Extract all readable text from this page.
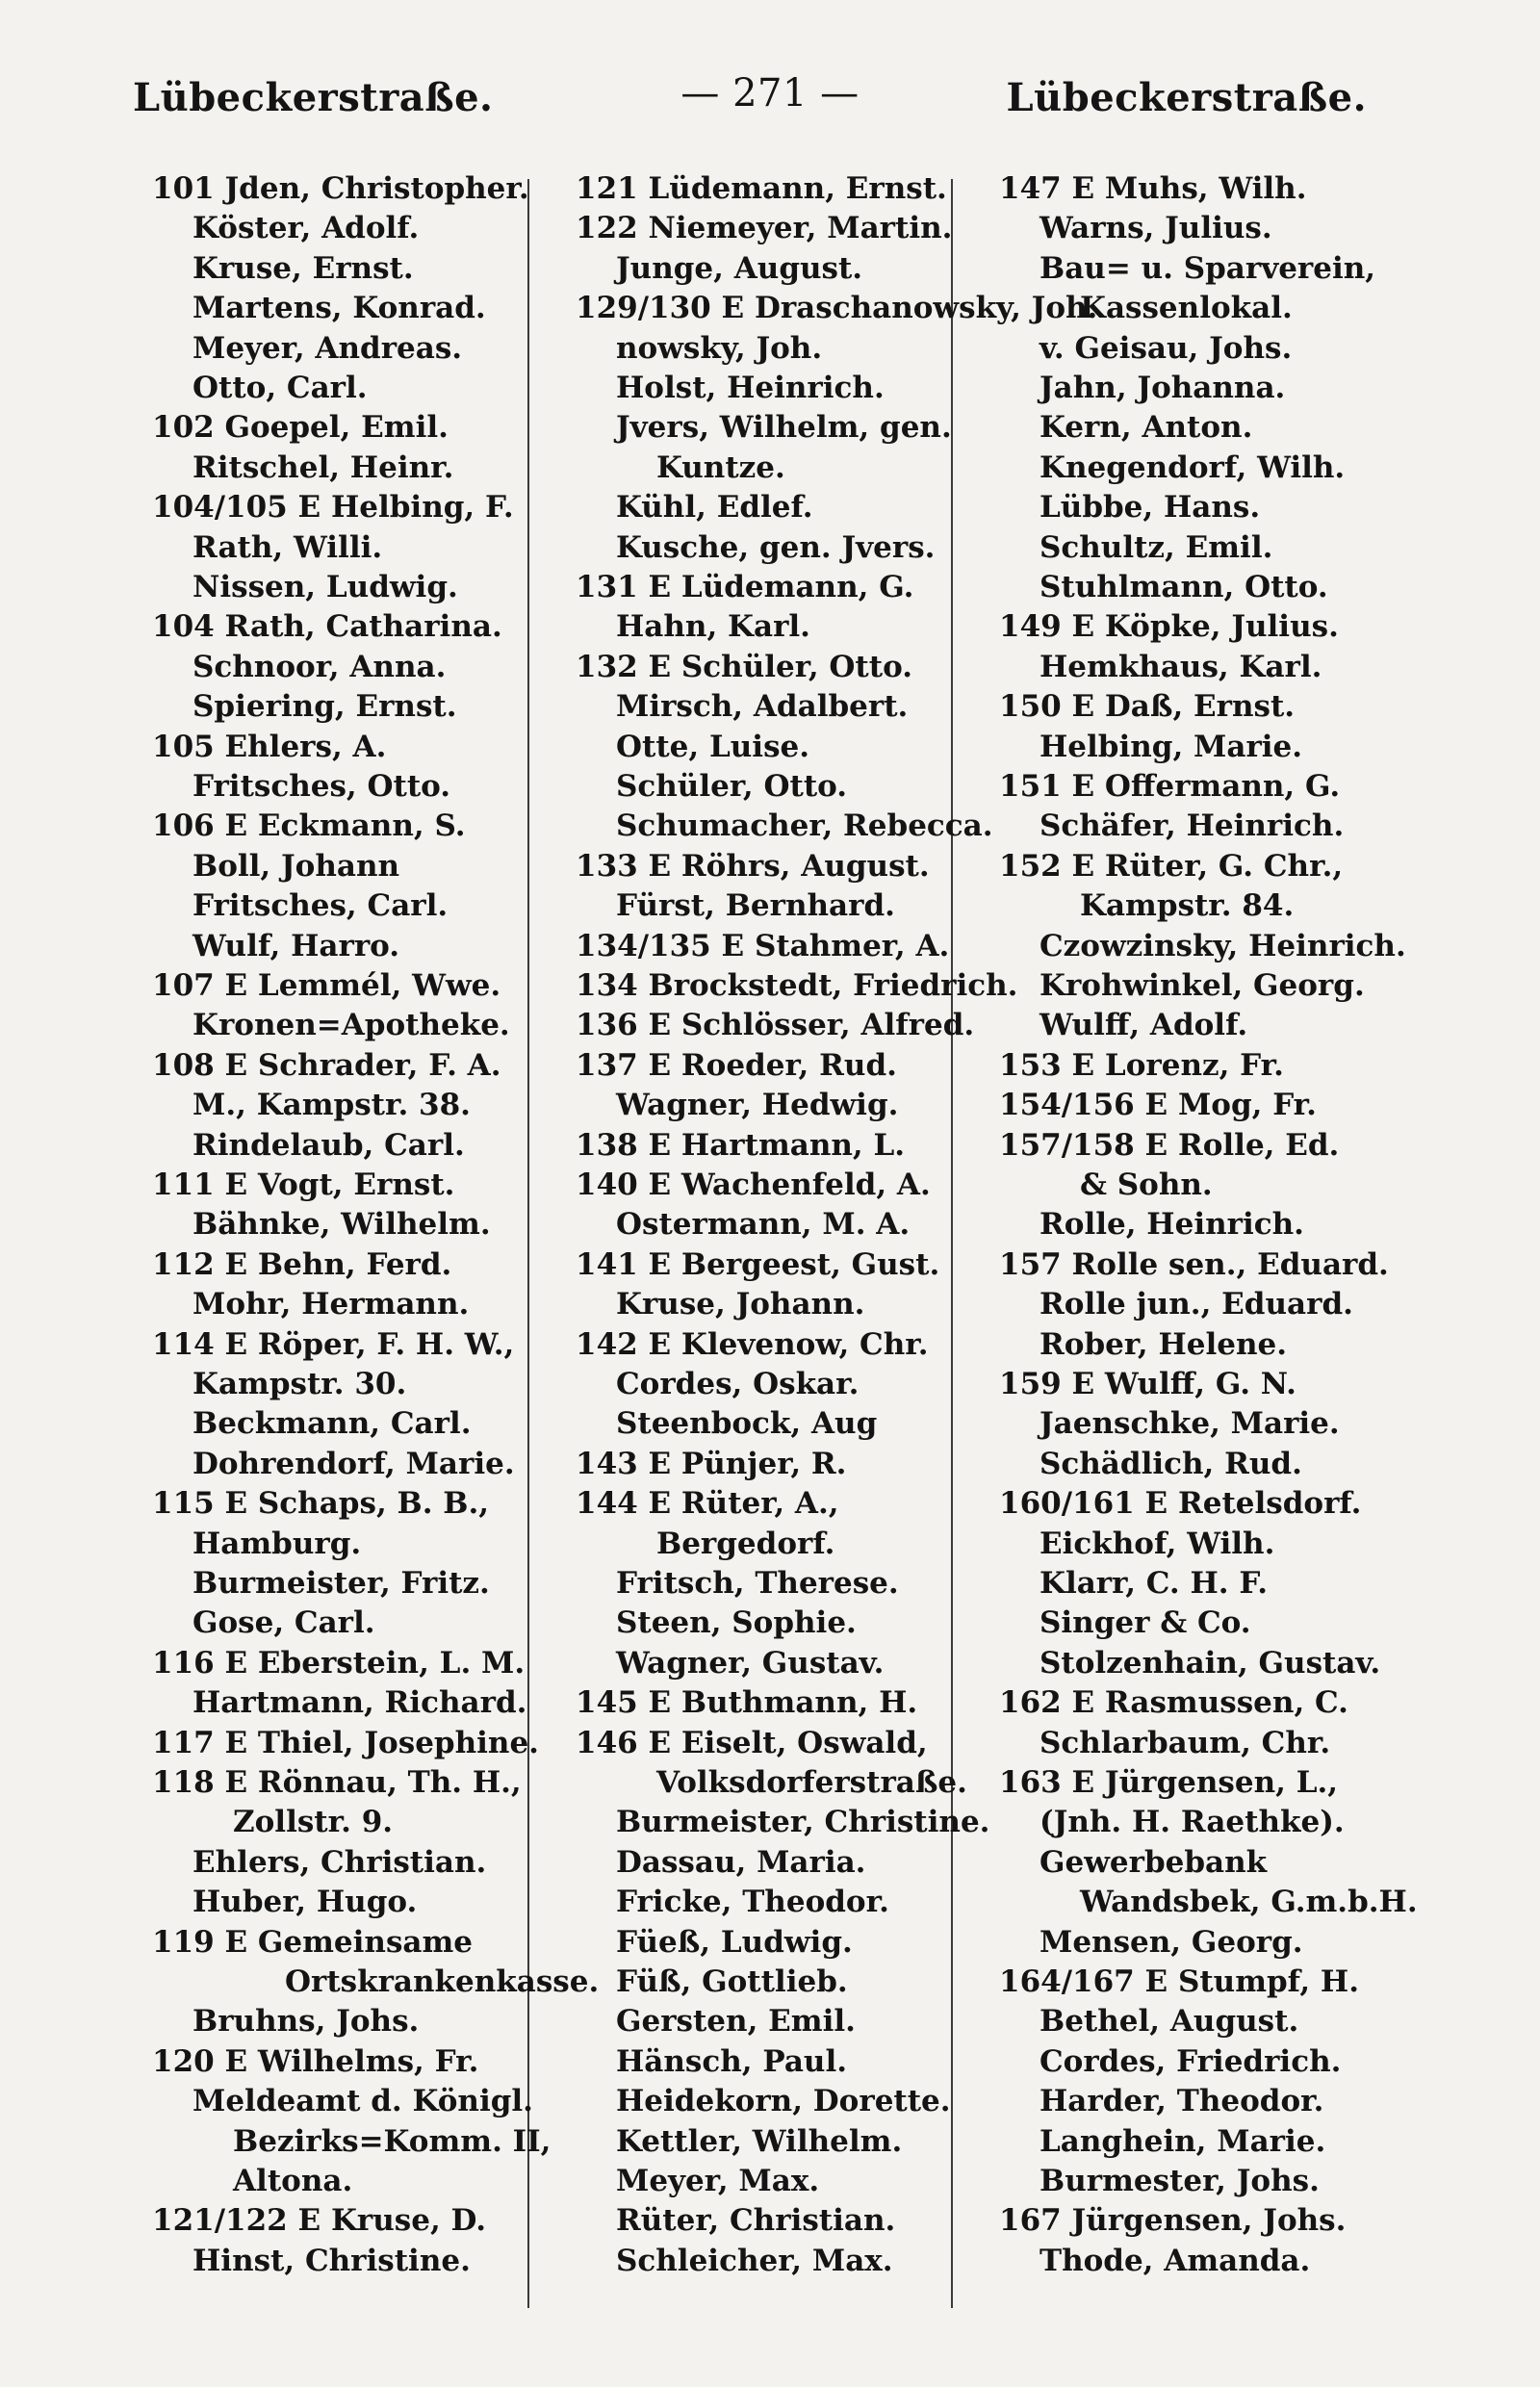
— 271 —
Lübeckerstraße.	Lübeckerstraße.
101 Jden, Christopher.
Köster, Adolf.
Kruse, Ernst.
Martens, Konrad.
Meyer, Andreas.
Otto, Carl.
102 Goepel, Emil.
Ritschel, Heinr.
104/105 E Helbing, F.
Rath, Willi.
Nissen, Ludwig.
104 Rath, Catharina.
Schnoor, Anna.
Spiering, Ernst.
105 Ehlers, A.
Fritsches, Otto.
106 E Eckmann, S.
Boll, Johann
Fritsches, Carl.
Wulf, Harro.
107 E Lemmél, Wwe.
Kronen=Apotheke.
108 E Schrader, F. A.
M., Kampstr. 38.
Rindelaub, Carl.
111 E Vogt, Ernst.
Bähnke, Wilhelm.
112 E Behn, Ferd.
Mohr, Hermann.
114 E Röper, F. H. W.,
Kampstr. 30.
Beckmann, Carl.
Dohrendorf, Marie.
115 E Schaps, B. B.,
Hamburg.
Burmeister, Fritz.
Gose, Carl.
116 E Eberstein, L. M.
Hartmann, Richard.
117 E Thiel, Josephine.
118 E Rönnau, Th. H.,
Zollstr. 9.
Ehlers, Christian.
Huber, Hugo.
119 E Gemeinsame
Ortskrankenkasse.
Bruhns, Johs.
120 E Wilhelms, Fr.
Meldeamt d. Königl.
Bezirks=Komm. II,
Altona.
121/122 E Kruse, D.
Hinst, Christine.
121 Lüdemann, Ernst.
122 Niemeyer, Martin.
Junge, August.
129/130 E Draschanowsky, Joh.
nowsky, Joh.
Holst, Heinrich.
Jvers, Wilhelm, gen.
Kuntze.
Kühl, Edlef.
Kusche, gen. Jvers.
131 E Lüdemann, G.
Hahn, Karl.
132 E Schüler, Otto.
Mirsch, Adalbert.
Otte, Luise.
Schüler, Otto.
Schumacher, Rebecca.
133 E Röhrs, August.
Fürst, Bernhard.
134/135 E Stahmer, A.
134 Brockstedt, Friedrich.
136 E Schlösser, Alfred.
137 E Roeder, Rud.
Wagner, Hedwig.
138 E Hartmann, L.
140 E Wachenfeld, A.
Ostermann, M. A.
141 E Bergeest, Gust.
Kruse, Johann.
142 E Klevenow, Chr.
Cordes, Oskar.
Steenbock, Aug
143 E Pünjer, R.
144 E Rüter, A.,
Bergedorf.
Fritsch, Therese.
Steen, Sophie.
Wagner, Gustav.
145 E Buthmann, H.
146 E Eiselt, Oswald,
Volksdorferstraße.
Burmeister, Christine.
Dassau, Maria.
Fricke, Theodor.
Füeß, Ludwig.
Füß, Gottlieb.
Gersten, Emil.
Hänsch, Paul.
Heidekorn, Dorette.
Kettler, Wilhelm.
Meyer, Max.
Rüter, Christian.
Schleicher, Max.
147 E Muhs, Wilh.
Warns, Julius.
Bau= u. Sparverein,
Kassenlokal.
v. Geisau, Johs.
Jahn, Johanna.
Kern, Anton.
Knegendorf, Wilh.
Lübbe, Hans.
Schultz, Emil.
Stuhlmann, Otto.
149 E Köpke, Julius.
Hemkhaus, Karl.
150 E Daß, Ernst.
Helbing, Marie.
151 E Offermann, G.
Schäfer, Heinrich.
152 E Rüter, G. Chr.,
Kampstr. 84.
Czowzinsky, Heinrich.
Krohwinkel, Georg.
Wulff, Adolf.
153 E Lorenz, Fr.
154/156 E Mog, Fr.
157/158 E Rolle, Ed.
& Sohn.
Rolle, Heinrich.
157 Rolle sen., Eduard.
Rolle jun., Eduard.
Rober, Helene.
159 E Wulff, G. N.
Jaenschke, Marie.
Schädlich, Rud.
160/161 E Retelsdorf.
Eickhof, Wilh.
Klarr, C. H. F.
Singer & Co.
Stolzenhain, Gustav.
162 E Rasmussen, C.
Schlarbaum, Chr.
163 E Jürgensen, L.,
(Jnh. H. Raethke).
Gewerbebank
Wandsbek, G.m.b.H.
Mensen, Georg.
164/167 E Stumpf, H.
Bethel, August.
Cordes, Friedrich.
Harder, Theodor.
Langhein, Marie.
Burmester, Johs.
167 Jürgensen, Johs.
Thode, Amanda.
